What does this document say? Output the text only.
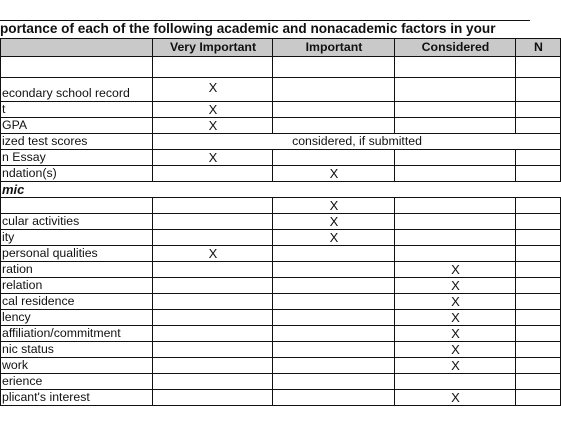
portance of each of the following academic and nonacademic factors in your
	Very Important	Important	Considered	N

econdary school record	X			
t	X			
GPA	X			
ized test scores	considered, if submitted			
n Essay	X			
ndation(s)		X		
mic				
		X		
cular activities		X		
ity		X		
personal qualities	X			
ration			X	
relation			X	
cal residence			X	
lency			X	
affiliation/commitment			X	
nic status			X	
work			X	
erience				
plicant's interest			X	
